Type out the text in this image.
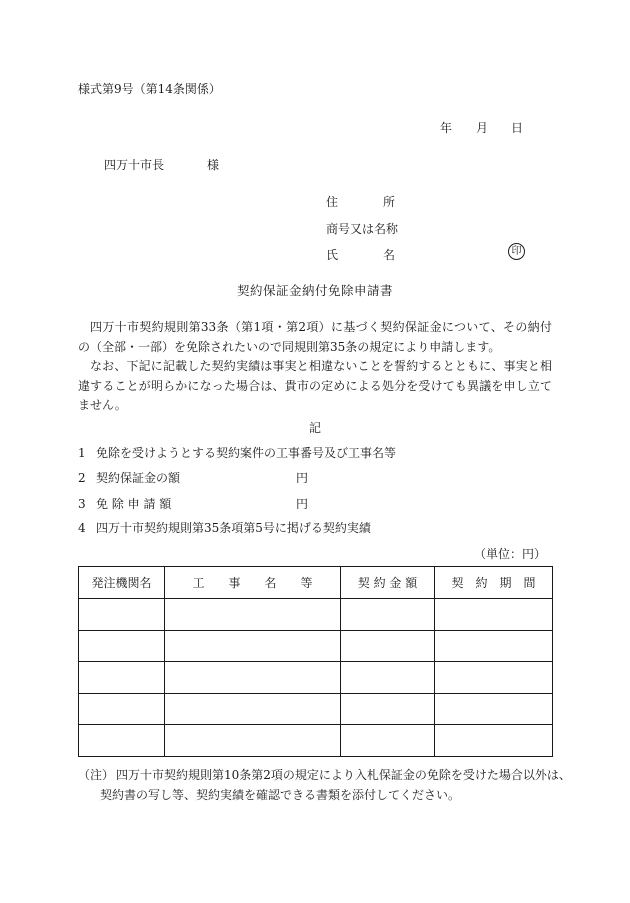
様式第9号（第14条関係）
年 月 日
四万十市長	様
住	所
商号又は名称
氏	名	印
契約保証金納付免除申請書

四万十市契約規則第33条（第1項・第2項）に基づく契約保証金について、その納付の（全部・一部）を免除されたいので同規則第35条の規定により申請します。

なお、下記に記載した契約実績は事実と相違ないことを誓約するとともに、事実と相違することが明らかになった場合は、貴市の定めによる処分を受けても異議を申し立てません。

記
1 免除を受けようとする契約案件の工事番号及び工事名等
2 契約保証金の額	円
3 免 除 申 請 額	円
4 四万十市契約規則第35条項第5号に掲げる契約実績
（単位：円）
発注機関名	工　　事　　名　　等	契 約 金 額	契　約　期　間

（注） 四万十市契約規則第10条第2項の規定により入札保証金の免除を受けた場合以外は、
契約書の写し等、契約実績を確認できる書類を添付してください。
